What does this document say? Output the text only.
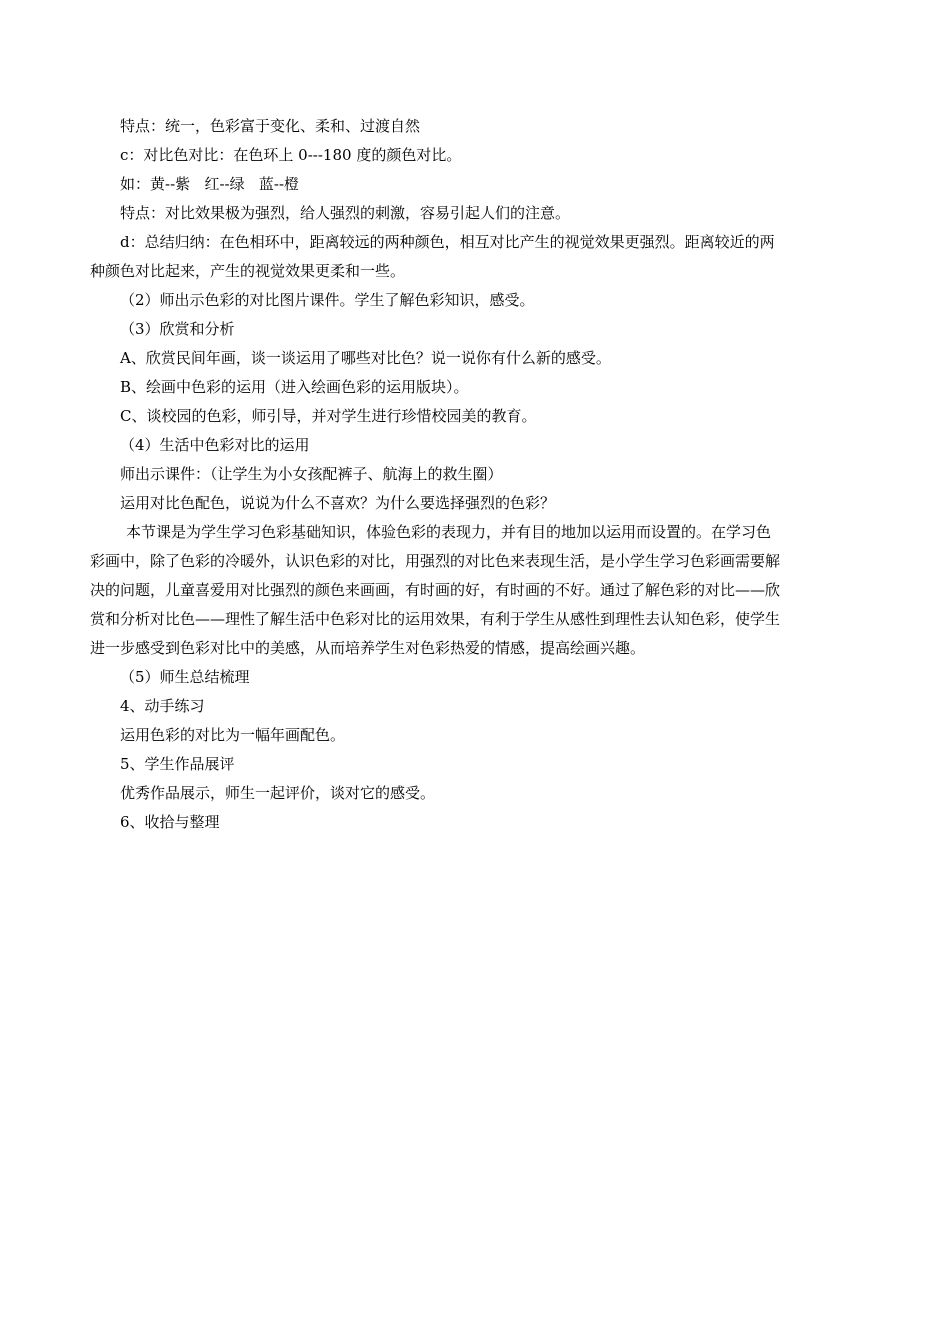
特点：统一，色彩富于变化、柔和、过渡自然

c：对比色对比：在色环上 0---180 度的颜色对比。

如：黄--紫   红--绿   蓝--橙

特点：对比效果极为强烈，给人强烈的刺激，容易引起人们的注意。

d：总结归纳：在色相环中，距离较远的两种颜色，相互对比产生的视觉效果更强烈。距离较近的两
种颜色对比起来，产生的视觉效果更柔和一些。

（2）师出示色彩的对比图片课件。学生了解色彩知识，感受。

（3）欣赏和分析

A、欣赏民间年画，谈一谈运用了哪些对比色？说一说你有什么新的感受。

B、绘画中色彩的运用（进入绘画色彩的运用版块）。

C、谈校园的色彩，师引导，并对学生进行珍惜校园美的教育。

（4）生活中色彩对比的运用

师出示课件：（让学生为小女孩配裤子、航海上的救生圈）

运用对比色配色，说说为什么不喜欢？为什么要选择强烈的色彩？

本节课是为学生学习色彩基础知识，体验色彩的表现力，并有目的地加以运用而设置的。在学习色
彩画中，除了色彩的冷暖外，认识色彩的对比，用强烈的对比色来表现生活，是小学生学习色彩画需要解
决的问题，儿童喜爱用对比强烈的颜色来画画，有时画的好，有时画的不好。通过了解色彩的对比——欣
赏和分析对比色——理性了解生活中色彩对比的运用效果，有利于学生从感性到理性去认知色彩，使学生
进一步感受到色彩对比中的美感，从而培养学生对色彩热爱的情感，提高绘画兴趣。

（5）师生总结梳理

4、动手练习

运用色彩的对比为一幅年画配色。

5、学生作品展评

优秀作品展示，师生一起评价，谈对它的感受。

6、收拾与整理
